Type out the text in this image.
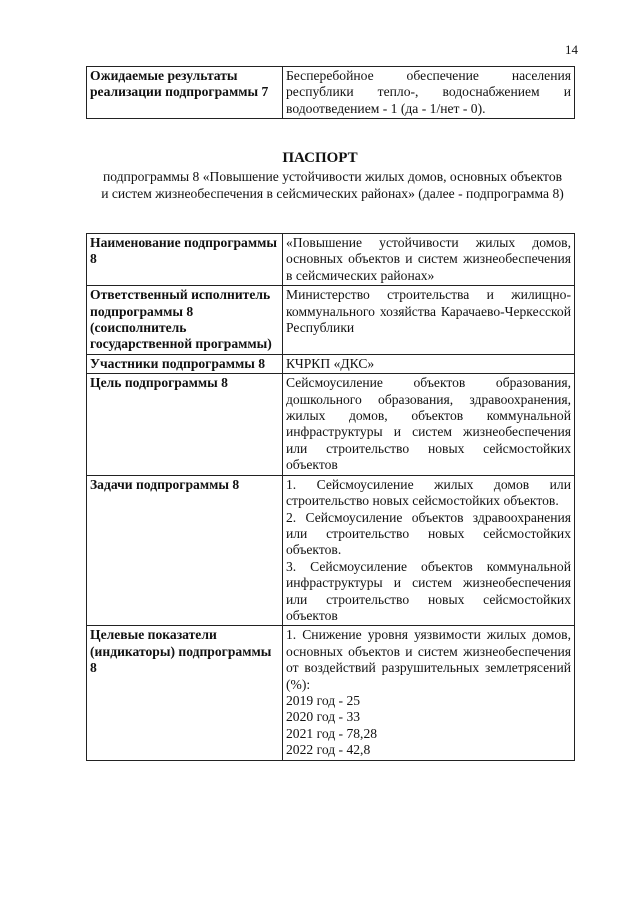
14
Ожидаемые результаты реализации подпрограммы 7	Бесперебойное обеспечение населения республики тепло-, водоснабжением и водоотведением - 1 (да - 1/нет - 0).
ПАСПОРТ
подпрограммы 8 «Повышение устойчивости жилых домов, основных объектов и систем жизнеобеспечения в сейсмических районах» (далее - подпрограмма 8)
Наименование подпрограммы 8	«Повышение устойчивости жилых домов, основных объектов и систем жизнеобеспечения в сейсмических районах»
Ответственный исполнитель подпрограммы 8 (соисполнитель государственной программы)	Министерство строительства и жилищно-коммунального хозяйства Карачаево-Черкесской Республики
Участники подпрограммы 8	КЧРКП «ДКС»
Цель подпрограммы 8	Сейсмоусиление объектов образования, дошкольного образования, здравоохранения, жилых домов, объектов коммунальной инфраструктуры и систем жизнеобеспечения или строительство новых сейсмостойких объектов
Задачи подпрограммы 8	1. Сейсмоусиление жилых домов или строительство новых сейсмостойких объектов.
2. Сейсмоусиление объектов здравоохранения или строительство новых сейсмостойких объектов.
3. Сейсмоусиление объектов коммунальной инфраструктуры и систем жизнеобеспечения или строительство новых сейсмостойких объектов

Целевые показатели (индикаторы) подпрограммы 8	1. Снижение уровня уязвимости жилых домов, основных объектов и систем жизнеобеспечения от воздействий разрушительных землетрясений (%):
2019 год - 25
2020 год - 33
2021 год - 78,28
2022 год - 42,8
